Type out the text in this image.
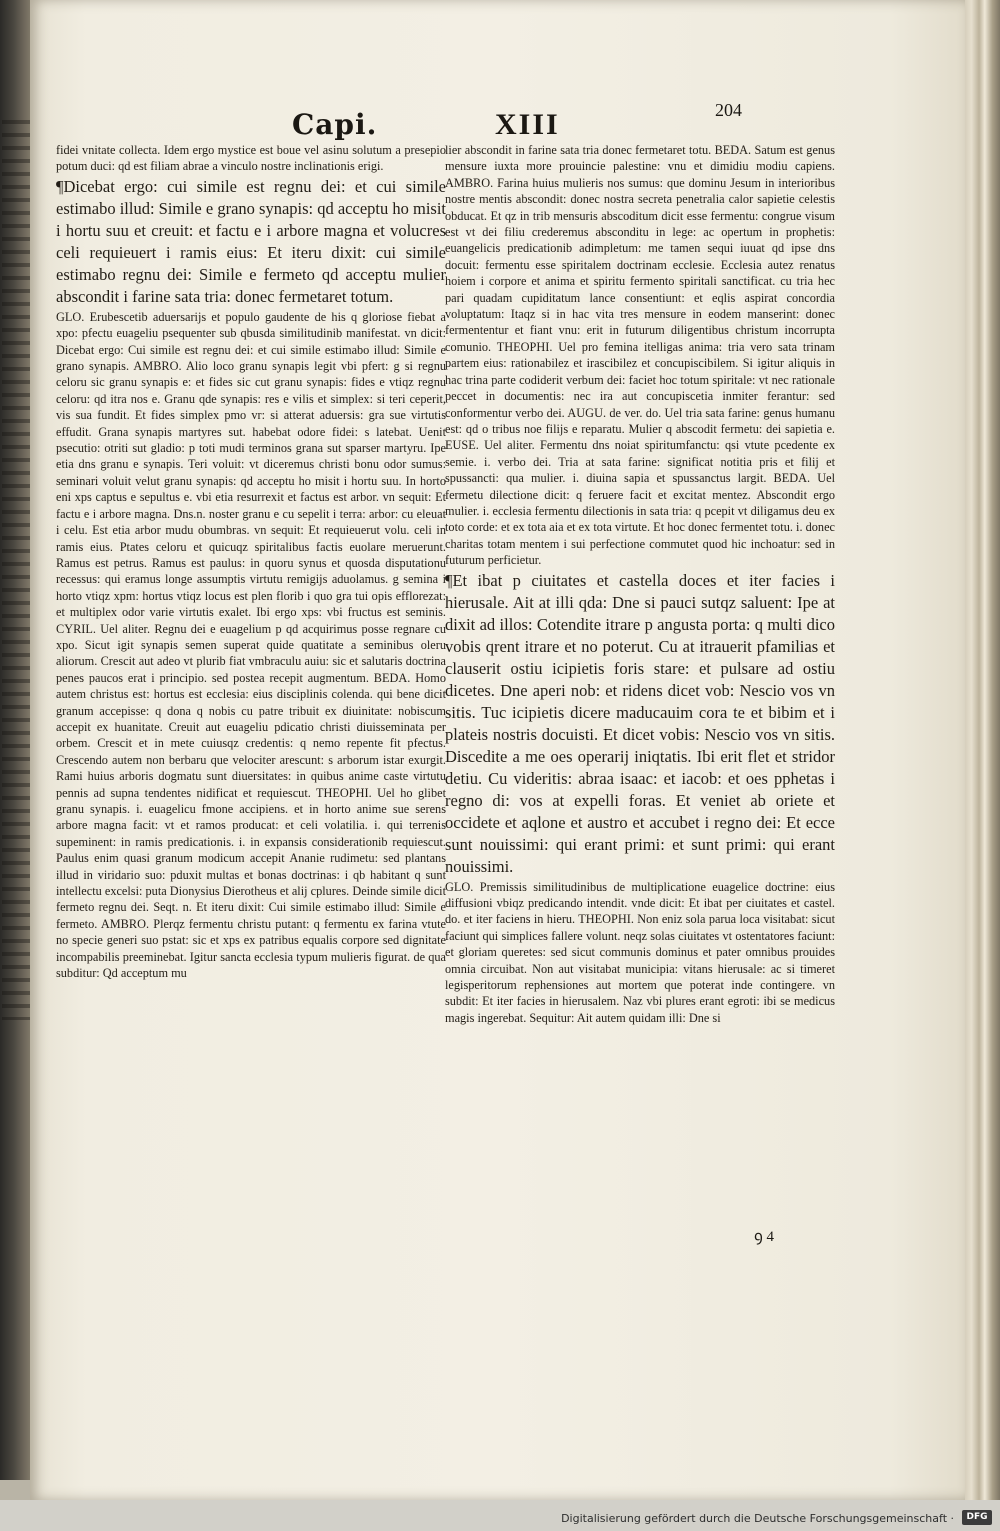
Capi.	XIII	204

fidei vnitate collecta. Idem ergo mystice est boue vel asinu solutum a presepio potum duci: qd est filiam abrae a vinculo nostre inclinationis erigi.

¶Dicebat ergo: cui simile est regnu dei: et cui simile estimabo illud: Simile e grano synapis: qd acceptu ho misit i hortu suu et creuit: et factu e i arbore magna et volucres celi requieuert i ramis eius: Et iteru dixit: cui simile estimabo regnu dei: Simile e fermeto qd acceptu mulier abscondit i farine sata tria: donec fermetaret totum.

GLO. Erubescetib aduersarijs et populo gaudente de his q gloriose fiebat a xpo: pfectu euageliu psequenter sub qbusda similitudinib manifestat. vn dicit: Dicebat ergo: Cui simile est regnu dei: et cui simile estimabo illud: Simile e grano synapis. AMBRO. Alio loco granu synapis legit vbi pfert: g si regnu celoru sic granu synapis e: et fides sic cut granu synapis: fides e vtiqz regnu celoru: qd itra nos e. Granu qde synapis: res e vilis et simplex: si teri ceperit, vis sua fundit. Et fides simplex pmo vr: si atterat aduersis: gra sue virtutis effudit. Grana synapis martyres sut. habebat odore fidei: s latebat. Uenit psecutio: otriti sut gladio: p toti mudi terminos grana sut sparser martyru. Ipe etia dns granu e synapis. Teri voluit: vt diceremus christi bonu odor sumus: seminari voluit velut granu synapis: qd acceptu ho misit i hortu suu. In horto eni xps captus e sepultus e. vbi etia resurrexit et factus est arbor. vn sequit: Et factu e i arbore magna. Dns.n. noster granu e cu sepelit i terra: arbor: cu eleuat i celu. Est etia arbor mudu obumbras. vn sequit: Et requieuerut volu. celi in ramis eius. Ptates celoru et quicuqz spiritalibus factis euolare meruerunt. Ramus est petrus. Ramus est paulus: in quoru synus et quosda disputationu recessus: qui eramus longe assumptis virtutu remigijs aduolamus. g semina i horto vtiqz xpm: hortus vtiqz locus est plen florib i quo gra tui opis efflorezat: et multiplex odor varie virtutis exalet. Ibi ergo xps: vbi fructus est seminis. CYRIL. Uel aliter. Regnu dei e euagelium p qd acquirimus posse regnare cu xpo. Sicut igit synapis semen superat quide quatitate a seminibus oleru aliorum. Crescit aut adeo vt plurib fiat vmbraculu auiu: sic et salutaris doctrina penes paucos erat i principio. sed postea recepit augmentum. BEDA. Homo autem christus est: hortus est ecclesia: eius disciplinis colenda. qui bene dicit granum accepisse: q dona q nobis cu patre tribuit ex diuinitate: nobiscum accepit ex huanitate. Creuit aut euageliu pdicatio christi diuisseminata per orbem. Crescit et in mete cuiusqz credentis: q nemo repente fit pfectus. Crescendo autem non berbaru que velociter arescunt: s arborum istar exurgit. Rami huius arboris dogmatu sunt diuersitates: in quibus anime caste virtutu pennis ad supna tendentes nidificat et requiescut. THEOPHI. Uel ho glibet granu synapis. i. euagelicu fmone accipiens. et in horto anime sue serens arbore magna facit: vt et ramos producat: et celi volatilia. i. qui terrenis supeminent: in ramis predicationis. i. in expansis considerationib requiescut. Paulus enim quasi granum modicum accepit Ananie rudimetu: sed plantans illud in viridario suo: pduxit multas et bonas doctrinas: i qb habitant q sunt intellectu excelsi: puta Dionysius Dierotheus et alij cplures. Deinde simile dicit fermeto regnu dei. Seqt. n. Et iteru dixit: Cui simile estimabo illud: Simile e fermeto. AMBRO. Plerqz fermentu christu putant: q fermentu ex farina vtute no specie generi suo pstat: sic et xps ex patribus equalis corpore sed dignitate incompabilis preeminebat. Igitur sancta ecclesia typum mulieris figurat. de qua subditur: Qd acceptum mu

lier abscondit in farine sata tria donec fermetaret totu. BEDA. Satum est genus mensure iuxta more prouincie palestine: vnu et dimidiu modiu capiens. AMBRO. Farina huius mulieris nos sumus: que dominu Jesum in interioribus nostre mentis abscondit: donec nostra secreta penetralia calor sapietie celestis obducat. Et qz in trib mensuris abscoditum dicit esse fermentu: congrue visum est vt dei filiu crederemus absconditu in lege: ac opertum in prophetis: euangelicis predicationib adimpletum: me tamen sequi iuuat qd ipse dns docuit: fermentu esse spiritalem doctrinam ecclesie. Ecclesia autez renatus hoiem i corpore et anima et spiritu fermento spiritali sanctificat. cu tria hec pari quadam cupiditatum lance consentiunt: et eqlis aspirat concordia voluptatum: Itaqz si in hac vita tres mensure in eodem manserint: donec fermententur et fiant vnu: erit in futurum diligentibus christum incorrupta comunio. THEOPHI. Uel pro femina itelligas anima: tria vero sata trinam partem eius: rationabilez et irascibilez et concupiscibilem. Si igitur aliquis in hac trina parte codiderit verbum dei: faciet hoc totum spiritale: vt nec rationale peccet in documentis: nec ira aut concupiscetia inmiter ferantur: sed conformentur verbo dei. AUGU. de ver. do. Uel tria sata farine: genus humanu est: qd o tribus noe filijs e reparatu. Mulier q abscodit fermetu: dei sapietia e. EUSE. Uel aliter. Fermentu dns noiat spiritumfanctu: qsi vtute pcedente ex semie. i. verbo dei. Tria at sata farine: significat notitia pris et filij et spussancti: qua mulier. i. diuina sapia et spussanctus largit. BEDA. Uel fermetu dilectione dicit: q feruere facit et excitat mentez. Abscondit ergo mulier. i. ecclesia fermentu dilectionis in sata tria: q pcepit vt diligamus deu ex toto corde: et ex tota aia et ex tota virtute. Et hoc donec fermentet totu. i. donec charitas totam mentem i sui perfectione commutet quod hic inchoatur: sed in futurum perficietur.

¶Et ibat p ciuitates et castella doces et iter facies i hierusale. Ait at illi qda: Dne si pauci sutqz saluent: Ipe at dixit ad illos: Cotendite itrare p angusta porta: q multi dico vobis qrent itrare et no poterut. Cu at itrauerit pfamilias et clauserit ostiu icipietis foris stare: et pulsare ad ostiu dicetes. Dne aperi nob: et ridens dicet vob: Nescio vos vn sitis. Tuc icipietis dicere maducauim cora te et bibim et i plateis nostris docuisti. Et dicet vobis: Nescio vos vn sitis. Discedite a me oes operarij iniqtatis. Ibi erit flet et stridor detiu. Cu videritis: abraa isaac: et iacob: et oes pphetas i regno di: vos at expelli foras. Et veniet ab oriete et occidete et aqlone et austro et accubet i regno dei: Et ecce sunt nouissimi: qui erant primi: et sunt primi: qui erant nouissimi.

GLO. Premissis similitudinibus de multiplicatione euagelice doctrine: eius diffusioni vbiqz predicando intendit. vnde dicit: Et ibat per ciuitates et castel. do. et iter faciens in hieru. THEOPHI. Non eniz sola parua loca visitabat: sicut faciunt qui simplices fallere volunt. neqz solas ciuitates vt ostentatores faciunt: et gloriam queretes: sed sicut communis dominus et pater omnibus prouides omnia circuibat. Non aut visitabat municipia: vitans hierusale: ac si timeret legisperitorum rephensiones aut mortem que poterat inde contingere. vn subdit: Et iter facies in hierusalem. Naz vbi plures erant egroti: ibi se medicus magis ingerebat. Sequitur: Ait autem quidam illi: Dne si

ꝯ 4
Digitalisierung gefördert durch die Deutsche Forschungsgemeinschaft ·	DFG
